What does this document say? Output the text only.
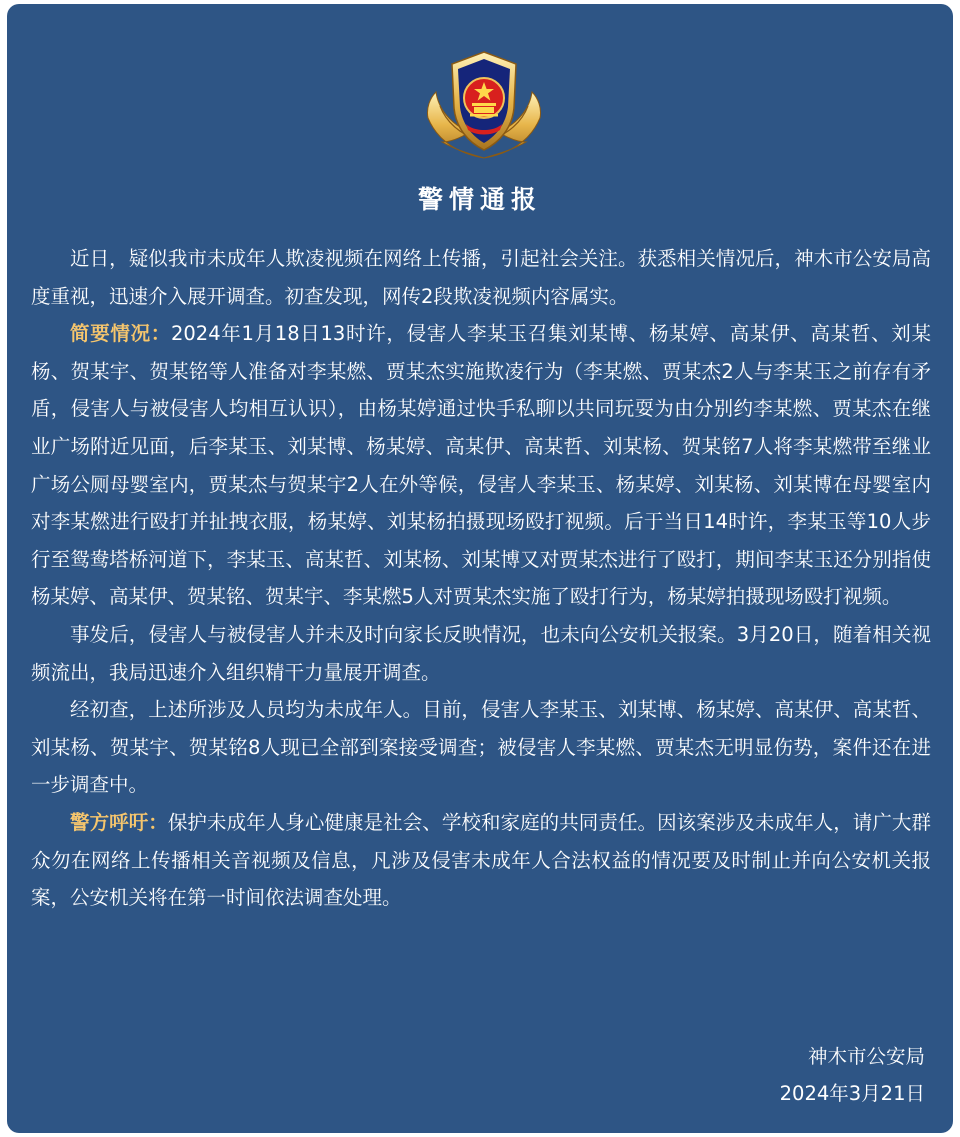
警情通报

近日，疑似我市未成年人欺凌视频在网络上传播，引起社会关注。获悉相关情况后，神木市公安局高度重视，迅速介入展开调查。初查发现，网传2段欺凌视频内容属实。

简要情况：2024年1月18日13时许，侵害人李某玉召集刘某博、杨某婷、高某伊、高某哲、刘某杨、贺某宇、贺某铭等人准备对李某燃、贾某杰实施欺凌行为（李某燃、贾某杰2人与李某玉之前存有矛盾，侵害人与被侵害人均相互认识），由杨某婷通过快手私聊以共同玩耍为由分别约李某燃、贾某杰在继业广场附近见面，后李某玉、刘某博、杨某婷、高某伊、高某哲、刘某杨、贺某铭7人将李某燃带至继业广场公厕母婴室内，贾某杰与贺某宇2人在外等候，侵害人李某玉、杨某婷、刘某杨、刘某博在母婴室内对李某燃进行殴打并扯拽衣服，杨某婷、刘某杨拍摄现场殴打视频。后于当日14时许，李某玉等10人步行至鸳鸯塔桥河道下，李某玉、高某哲、刘某杨、刘某博又对贾某杰进行了殴打，期间李某玉还分别指使杨某婷、高某伊、贺某铭、贺某宇、李某燃5人对贾某杰实施了殴打行为，杨某婷拍摄现场殴打视频。

事发后，侵害人与被侵害人并未及时向家长反映情况，也未向公安机关报案。3月20日，随着相关视频流出，我局迅速介入组织精干力量展开调查。

经初查，上述所涉及人员均为未成年人。目前，侵害人李某玉、刘某博、杨某婷、高某伊、高某哲、刘某杨、贺某宇、贺某铭8人现已全部到案接受调查；被侵害人李某燃、贾某杰无明显伤势，案件还在进一步调查中。

警方呼吁：保护未成年人身心健康是社会、学校和家庭的共同责任。因该案涉及未成年人，请广大群众勿在网络上传播相关音视频及信息，凡涉及侵害未成年人合法权益的情况要及时制止并向公安机关报案，公安机关将在第一时间依法调查处理。

神木市公安局
2024年3月21日
